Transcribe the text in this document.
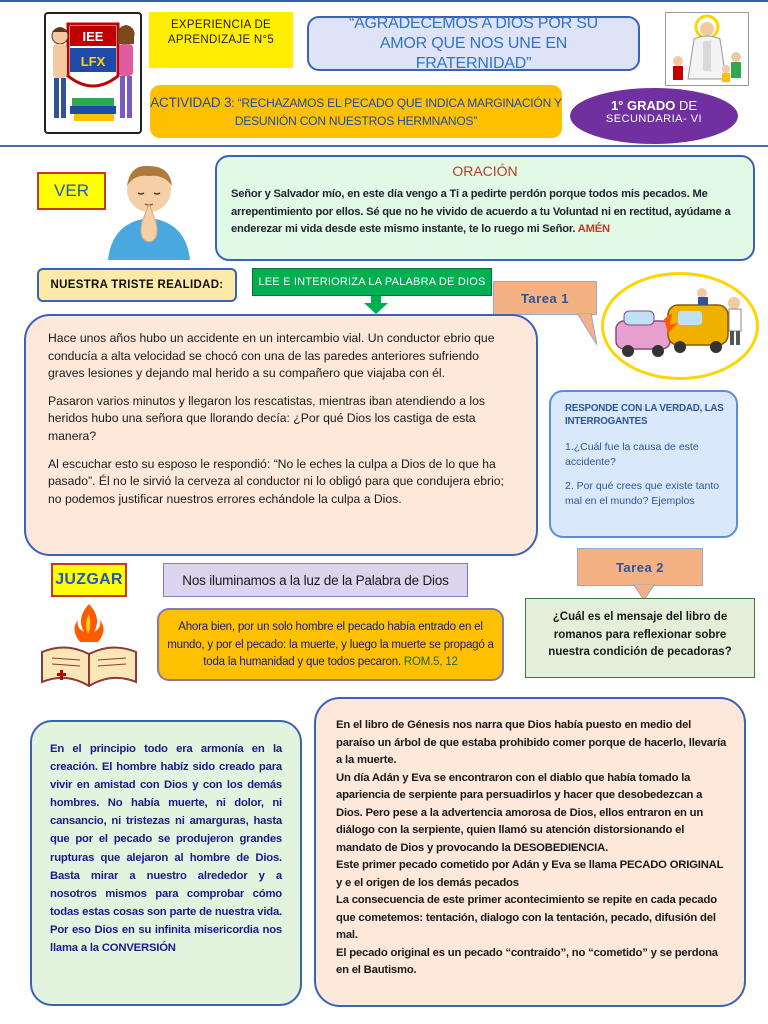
IEE
LFX

EXPERIENCIA DE

APRENDIZAJE N°5

“AGRADECEMOS A DIOS POR SU AMOR QUE NOS UNE EN FRATERNIDAD”

ACTIVIDAD 3: “RECHAZAMOS EL PECADO QUE INDICA MARGINACIÓN Y DESUNIÓN CON NUESTROS HERMNANOS”

1° GRADO DE
SECUNDARIA- VI
VER
ORACIÓN

Señor y Salvador mío, en este día vengo a Ti a pedirte perdón porque todos mis pecados. Me arrepentimiento por ellos. Sé que no he vivido de acuerdo a tu Voluntad ni en rectitud, ayúdame a enderezar mi vida desde este mismo instante, te lo ruego mi Señor. AMÉN

NUESTRA TRISTE REALIDAD:	LEE E INTERIORIZA LA PALABRA DE DIOS
Tarea 1

Hace unos años hubo un accidente en un intercambio vial. Un conductor ebrio que conducía a alta velocidad se chocó con una de las paredes anteriores sufriendo graves lesiones y dejando mal herido a su compañero que viajaba con él.

Pasaron varios minutos y llegaron los rescatistas, mientras iban atendiendo a los heridos hubo una señora que llorando decía: ¿Por qué Dios los castiga de esta manera?

Al escuchar esto su esposo le respondió: “No le eches la culpa a Dios de lo que ha pasado”. Él no le sirvió la cerveza al conductor ni lo obligó para que condujera ebrio; no podemos justificar nuestros errores echándole la culpa a Dios.

RESPONDE CON LA VERDAD, LAS INTERROGANTES

1.¿Cuál fue la causa de este accidente?

2. Por qué crees que existe tanto mal en el mundo? Ejemplos

JUZGAR	Nos iluminamos a la luz de la Palabra de Dios

Ahora bien, por un solo hombre el pecado había entrado en el mundo, y por el pecado: la muerte, y luego la muerte se propagó a toda la humanidad y que todos pecaron. ROM.5, 12

Tarea 2

¿Cuál es el mensaje del libro de romanos para reflexionar sobre nuestra condición de pecadoras?

En el principio todo era armonía en la creación. El hombre habíz sido creado para vivir en amistad con Dios y con los demás hombres. No había muerte, ni dolor, ni cansancio, ni tristezas ni amarguras, hasta que por el pecado se produjeron grandes rupturas que alejaron al hombre de Dios. Basta mirar a nuestro alrededor y a nosotros mismos para comprobar cómo todas estas cosas son parte de nuestra vida. Por eso Dios en su infinita misericordia nos llama a la CONVERSIÓN

En el libro de Génesis nos narra que Dios había puesto en medio del paraíso un árbol de que estaba prohibido comer porque de hacerlo, llevaría a la muerte.

Un día Adán y Eva se encontraron con el diablo que había tomado la apariencia de serpiente para persuadirlos y hacer que desobedezcan a Dios. Pero pese a la advertencia amorosa de Dios, ellos entraron en un diálogo con la serpiente, quien llamó su atención distorsionando el mandato de Dios y provocando la DESOBEDIENCIA.

Este primer pecado cometido por Adán y Eva se llama PECADO ORIGINAL y e el origen de los demás pecados

La consecuencia de este primer acontecimiento se repite en cada pecado que cometemos: tentación, dialogo con la tentación, pecado, difusión del mal.

El pecado original es un pecado “contraído”, no “cometido” y se perdona en el Bautismo.
